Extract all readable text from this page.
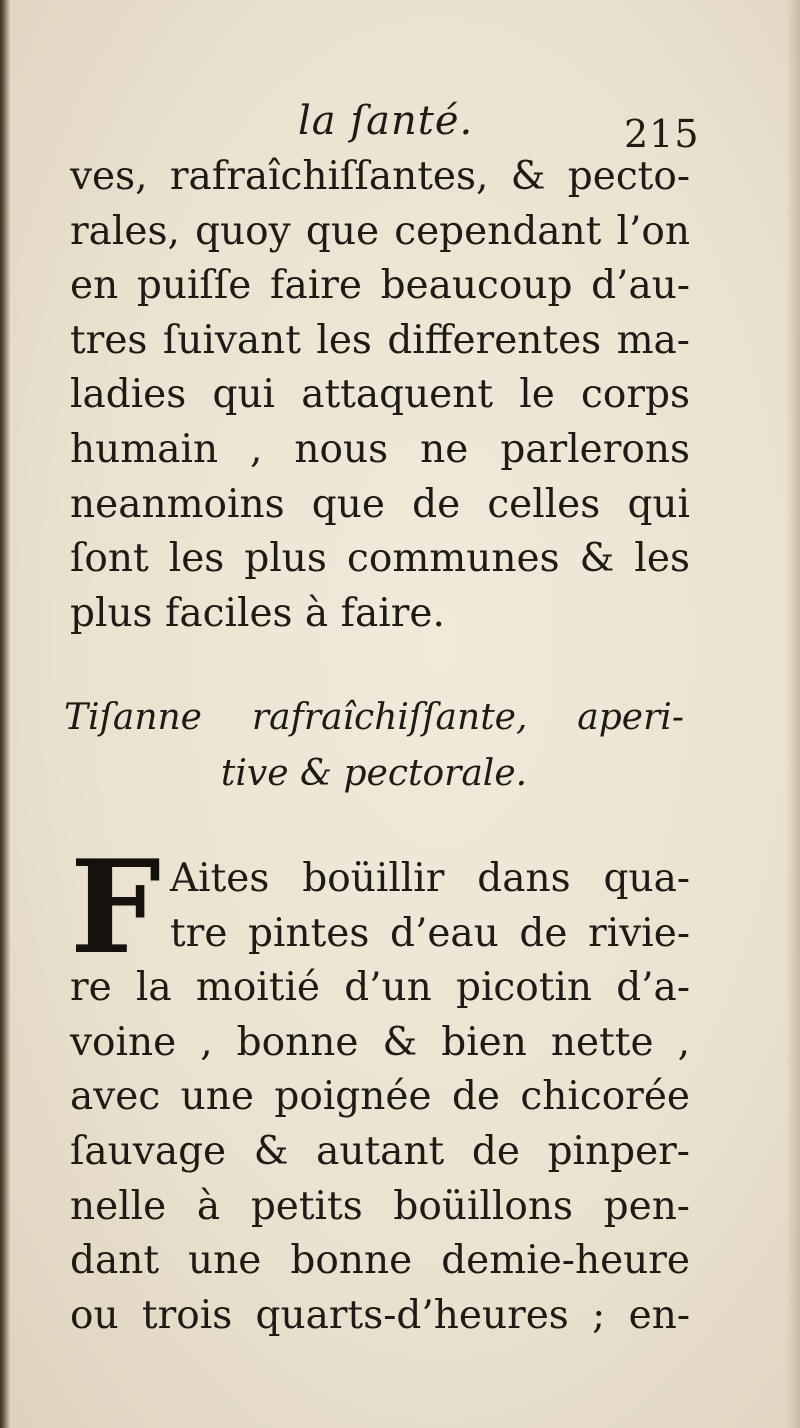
la ſanté.	215
ves, rafraîchiſſantes, & pecto-
rales, quoy que cependant l’on
en puiſſe faire beaucoup d’au-
tres ſuivant les differentes ma-
ladies qui attaquent le corps
humain , nous ne parlerons
neanmoins que de celles qui
ſont les plus communes & les
plus faciles à faire.
Tiſanne rafraîchiſſante, aperi-
tive & pectorale.
F Aites boüillir dans qua-
tre pintes d’eau de rivie-
re la moitié d’un picotin d’a-
voine , bonne & bien nette ,
avec une poignée de chicorée
ſauvage & autant de pinper-
nelle à petits boüillons pen-
dant une bonne demie-heure
ou trois quarts-d’heures ; en-
